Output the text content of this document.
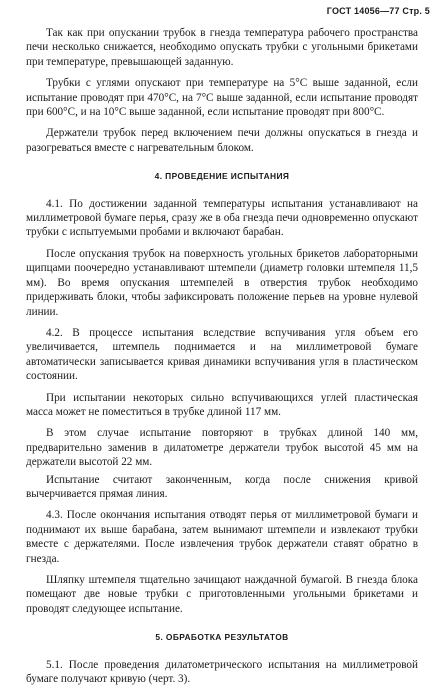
ГОСТ 14056—77 Стр. 5

Так как при опускании трубок в гнезда температура рабочего пространства печи несколько снижается, необходимо опускать трубки с угольными брикетами при температуре, превышающей заданную.

Трубки с углями опускают при температуре на 5°С выше заданной, если испытание проводят при 470°С, на 7°С выше заданной, если испытание проводят при 600°С, и на 10°С выше заданной, если испытание проводят при 800°С.

Держатели трубок перед включением печи должны опускаться в гнезда и разогреваться вместе с нагревательным блоком.

4. ПРОВЕДЕНИЕ ИСПЫТАНИЯ

4.1. По достижении заданной температуры испытания устанавливают на миллиметровой бумаге перья, сразу же в оба гнезда печи одновременно опускают трубки с испытуемыми пробами и включают барабан.

После опускания трубок на поверхность угольных брикетов лабораторными щипцами поочередно устанавливают штемпели (диаметр головки штемпеля 11,5 мм). Во время опускания штемпелей в отверстия трубок необходимо придерживать блоки, чтобы зафиксировать положение перьев на уровне нулевой линии.

4.2. В процессе испытания вследствие вспучивания угля объем его увеличивается, штемпель поднимается и на миллиметровой бумаге автоматически записывается кривая динамики вспучивания угля в пластическом состоянии.

При испытании некоторых сильно вспучивающихся углей пластическая масса может не поместиться в трубке длиной 117 мм.

В этом случае испытание повторяют в трубках длиной 140 мм, предварительно заменив в дилатометре держатели трубок высотой 45 мм на держатели высотой 22 мм.

Испытание считают законченным, когда после снижения кривой вычерчивается прямая линия.

4.3. После окончания испытания отводят перья от миллиметровой бумаги и поднимают их выше барабана, затем вынимают штемпели и извлекают трубки вместе с держателями. После извлечения трубок держатели ставят обратно в гнезда.

Шляпку штемпеля тщательно зачищают наждачной бумагой. В гнезда блока помещают две новые трубки с приготовленными угольными брикетами и проводят следующее испытание.

5. ОБРАБОТКА РЕЗУЛЬТАТОВ

5.1. После проведения дилатометрического испытания на миллиметровой бумаге получают кривую (черт. 3).
